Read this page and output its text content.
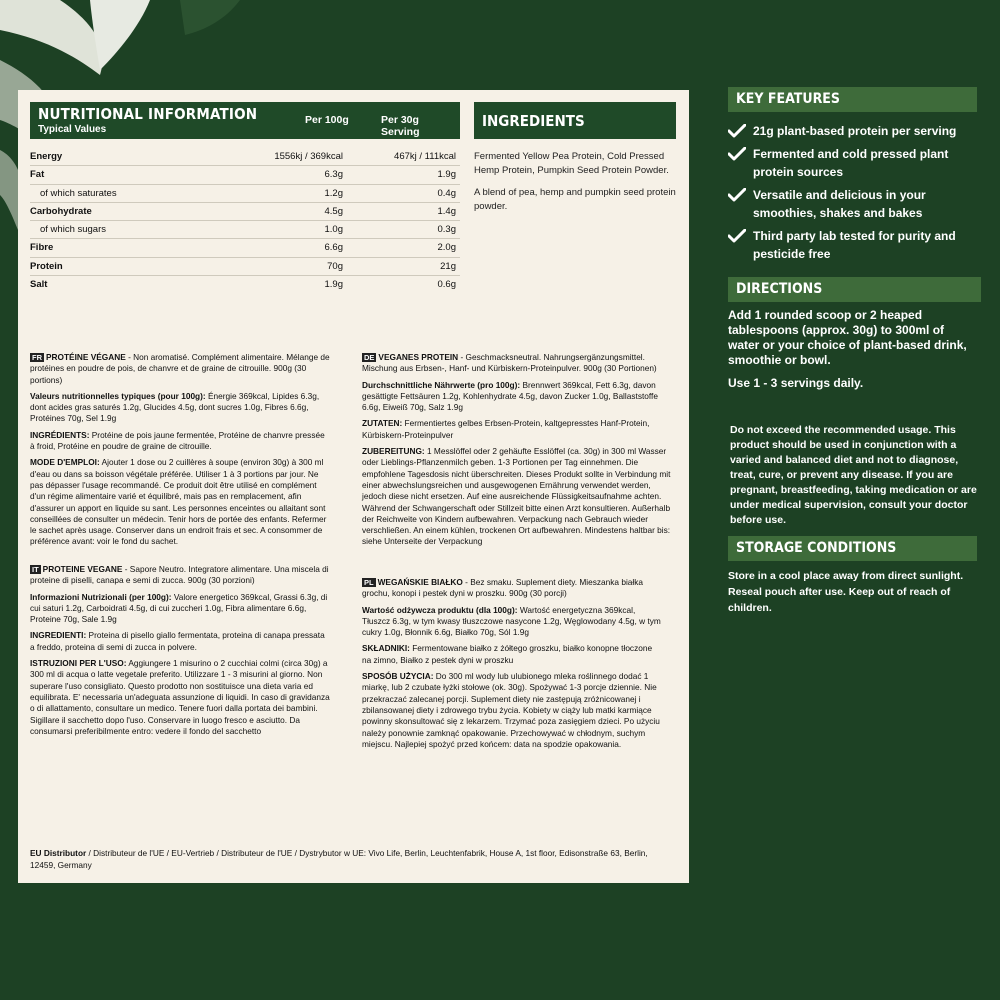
NUTRITIONAL INFORMATION
Typical Values
Per 100g	Per 30g Serving
Energy	1556kj / 369kcal	467kj / 111kcal
Fat	6.3g	1.9g
of which saturates	1.2g	0.4g
Carbohydrate	4.5g	1.4g
of which sugars	1.0g	0.3g
Fibre	6.6g	2.0g
Protein	70g	21g
Salt	1.9g	0.6g
INGREDIENTS

Fermented Yellow Pea Protein, Cold Pressed Hemp Protein, Pumpkin Seed Protein Powder.

A blend of pea, hemp and pumpkin seed protein powder.

FR PROTÉINE VÉGANE - Non aromatisé. Complément alimentaire. Mélange de protéines en poudre de pois, de chanvre et de graine de citrouille. 900g (30 portions)

Valeurs nutritionnelles typiques (pour 100g): Énergie 369kcal, Lipides 6.3g, dont acides gras saturés 1.2g, Glucides 4.5g, dont sucres 1.0g, Fibres 6.6g, Protéines 70g, Sel 1.9g

INGRÉDIENTS: Protéine de pois jaune fermentée, Protéine de chanvre pressée à froid, Protéine en poudre de graine de citrouille.

MODE D'EMPLOI: Ajouter 1 dose ou 2 cuillères à soupe (environ 30g) à 300 ml d'eau ou dans sa boisson végétale préférée. Utiliser 1 à 3 portions par jour. Ne pas dépasser l'usage recommandé. Ce produit doit être utilisé en complément d'un régime alimentaire varié et équilibré, mais pas en remplacement, afin d'assurer un apport en liquide su sant. Les personnes enceintes ou allaitant sont conseillées de consulter un médecin. Tenir hors de portée des enfants. Refermer le sachet après usage. Conserver dans un endroit frais et sec. A consommer de préférence avant: voir le fond du sachet.

IT PROTEINE VEGANE - Sapore Neutro. Integratore alimentare. Una miscela di proteine di piselli, canapa e semi di zucca. 900g (30 porzioni)

Informazioni Nutrizionali (per 100g): Valore energetico 369kcal, Grassi 6.3g, di cui saturi 1.2g, Carboidrati 4.5g, di cui zuccheri 1.0g, Fibra alimentare 6.6g, Proteine 70g, Sale 1.9g

INGREDIENTI: Proteina di pisello giallo fermentata, proteina di canapa pressata a freddo, proteina di semi di zucca in polvere.

ISTRUZIONI PER L'USO: Aggiungere 1 misurino o 2 cucchiai colmi (circa 30g) a 300 ml di acqua o latte vegetale preferito. Utilizzare 1 - 3 misurini al giorno. Non superare l'uso consigliato. Questo prodotto non sostituisce una dieta varia ed equilibrata. E' necessaria un'adeguata assunzione di liquidi. In caso di gravidanza o di allattamento, consultare un medico. Tenere fuori dalla portata dei bambini. Sigillare il sacchetto dopo l'uso. Conservare in luogo fresco e asciutto. Da consumarsi preferibilmente entro: vedere il fondo del sacchetto

DE VEGANES PROTEIN - Geschmacksneutral. Nahrungsergänzungsmittel. Mischung aus Erbsen-, Hanf- und Kürbiskern-Proteinpulver. 900g (30 Portionen)

Durchschnittliche Nährwerte (pro 100g): Brennwert 369kcal, Fett 6.3g, davon gesättigte Fettsäuren 1.2g, Kohlenhydrate 4.5g, davon Zucker 1.0g, Ballaststoffe 6.6g, Eiweiß 70g, Salz 1.9g

ZUTATEN: Fermentiertes gelbes Erbsen-Protein, kaltgepresstes Hanf-Protein, Kürbiskern-Proteinpulver

ZUBEREITUNG: 1 Messlöffel oder 2 gehäufte Esslöffel (ca. 30g) in 300 ml Wasser oder Lieblings-Pflanzenmilch geben. 1-3 Portionen per Tag einnehmen. Die empfohlene Tagesdosis nicht überschreiten. Dieses Produkt sollte in Verbindung mit einer abwechslungsreichen und ausgewogenen Ernährung verwendet werden, jedoch diese nicht ersetzen. Auf eine ausreichende Flüssigkeitsaufnahme achten. Während der Schwangerschaft oder Stillzeit bitte einen Arzt konsultieren. Außerhalb der Reichweite von Kindern aufbewahren. Verpackung nach Gebrauch wieder verschließen. An einem kühlen, trockenen Ort aufbewahren. Mindestens haltbar bis: siehe Unterseite der Verpackung

PL WEGAŃSKIE BIAŁKO - Bez smaku. Suplement diety. Mieszanka białka grochu, konopi i pestek dyni w proszku. 900g (30 porcji)

Wartość odżywcza produktu (dla 100g): Wartość energetyczna 369kcal, Tłuszcz 6.3g, w tym kwasy tłuszczowe nasycone 1.2g, Węglowodany 4.5g, w tym cukry 1.0g, Błonnik 6.6g, Białko 70g, Sól 1.9g

SKŁADNIKI: Fermentowane białko z żółtego groszku, białko konopne tłoczone na zimno, Białko z pestek dyni w proszku

SPOSÓB UŻYCIA: Do 300 ml wody lub ulubionego mleka roślinnego dodać 1 miarkę, lub 2 czubate łyżki stołowe (ok. 30g). Spożywać 1-3 porcje dziennie. Nie przekraczać zalecanej porcji. Suplement diety nie zastępują zróżnicowanej i zbilansowanej diety i zdrowego trybu życia. Kobiety w ciąży lub matki karmiące powinny skonsultować się z lekarzem. Trzymać poza zasięgiem dzieci. Po użyciu należy ponownie zamknąć opakowanie. Przechowywać w chłodnym, suchym miejscu. Najlepiej spożyć przed końcem: data na spodzie opakowania.

EU Distributor / Distributeur de l'UE / EU-Vertrieb / Distributeur de l'UE / Dystrybutor w UE: Vivo Life, Berlin, Leuchtenfabrik, House A, 1st floor, Edisonstraße 63, Berlin, 12459, Germany
KEY FEATURES
21g plant-based protein per serving
Fermented and cold pressed plant protein sources
Versatile and delicious in your smoothies, shakes and bakes
Third party lab tested for purity and pesticide free
DIRECTIONS

Add 1 rounded scoop or 2 heaped tablespoons (approx. 30g) to 300ml of water or your choice of plant-based drink, smoothie or bowl.

Use 1 - 3 servings daily.

Do not exceed the recommended usage. This product should be used in conjunction with a varied and balanced diet and not to diagnose, treat, cure, or prevent any disease. If you are pregnant, breastfeeding, taking medication or are under medical supervision, consult your doctor before use.
STORAGE CONDITIONS
Store in a cool place away from direct sunlight. Reseal pouch after use. Keep out of reach of children.
